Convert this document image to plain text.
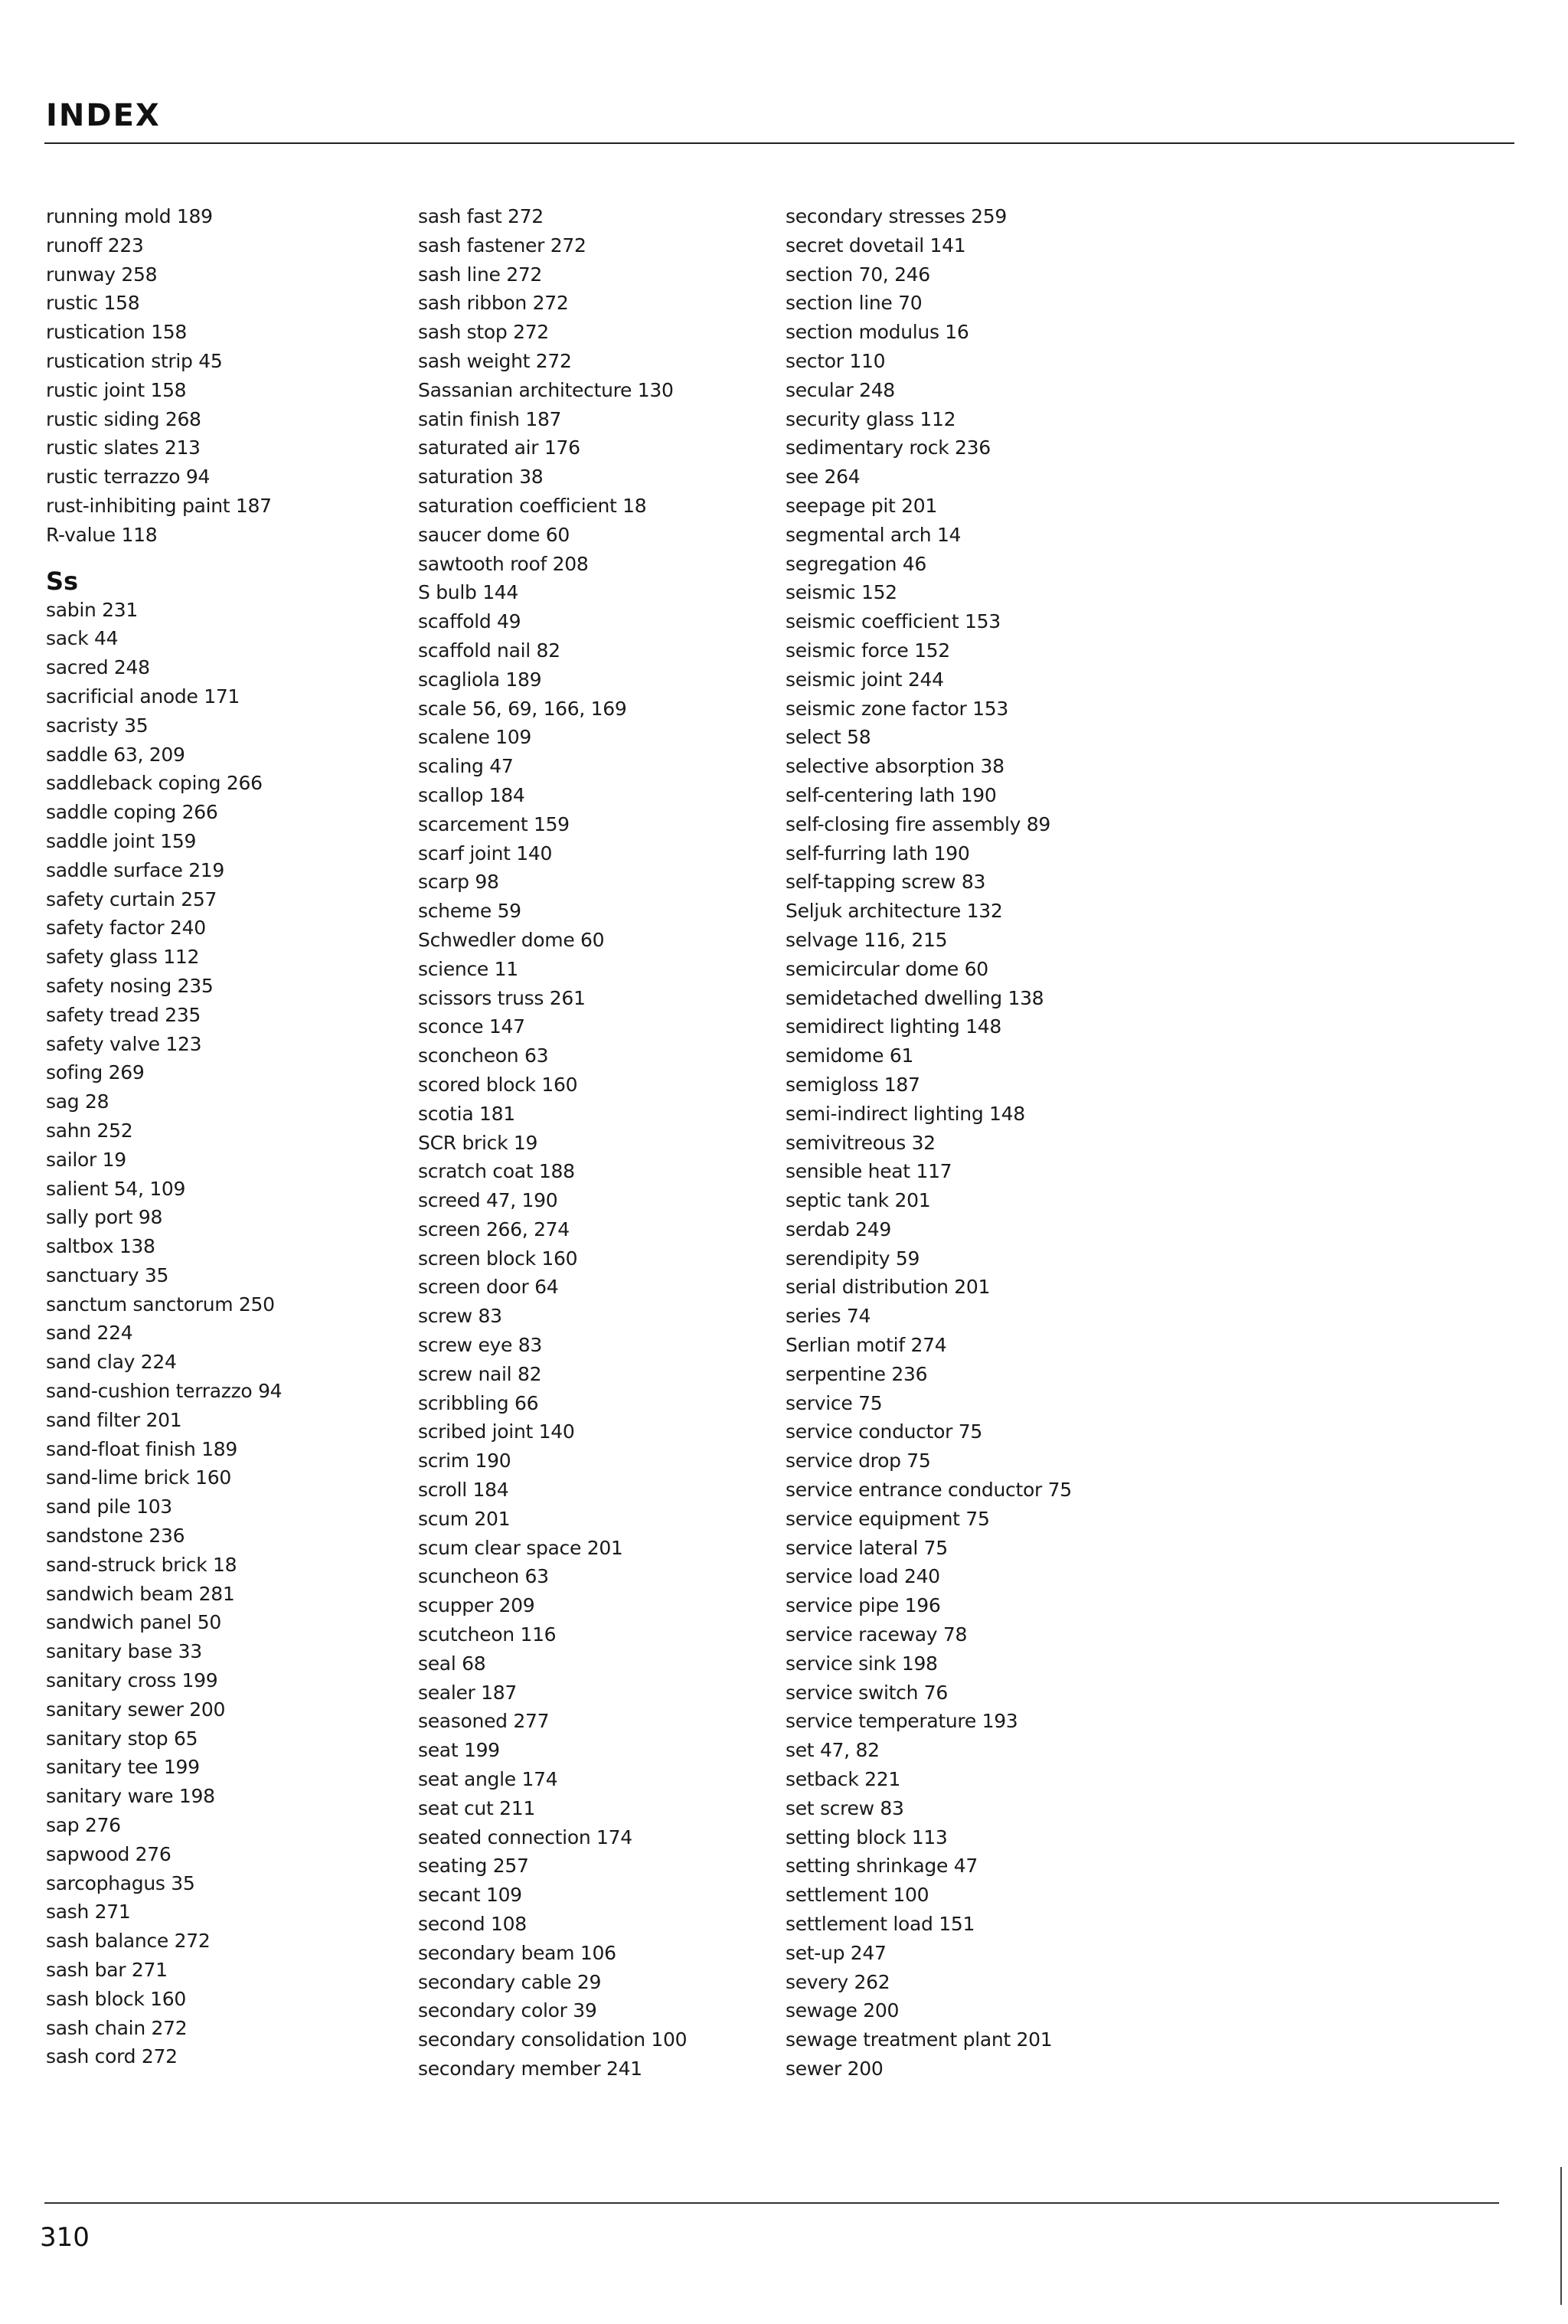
INDEX
running mold 189
runoff 223
runway 258
rustic 158
rustication 158
rustication strip 45
rustic joint 158
rustic siding 268
rustic slates 213
rustic terrazzo 94
rust-inhibiting paint 187
R-value 118
Ss
sabin 231
sack 44
sacred 248
sacrificial anode 171
sacristy 35
saddle 63, 209
saddleback coping 266
saddle coping 266
saddle joint 159
saddle surface 219
safety curtain 257
safety factor 240
safety glass 112
safety nosing 235
safety tread 235
safety valve 123
sofing 269
sag 28
sahn 252
sailor 19
salient 54, 109
sally port 98
saltbox 138
sanctuary 35
sanctum sanctorum 250
sand 224
sand clay 224
sand-cushion terrazzo 94
sand filter 201
sand-float finish 189
sand-lime brick 160
sand pile 103
sandstone 236
sand-struck brick 18
sandwich beam 281
sandwich panel 50
sanitary base 33
sanitary cross 199
sanitary sewer 200
sanitary stop 65
sanitary tee 199
sanitary ware 198
sap 276
sapwood 276
sarcophagus 35
sash 271
sash balance 272
sash bar 271
sash block 160
sash chain 272
sash cord 272
sash fast 272
sash fastener 272
sash line 272
sash ribbon 272
sash stop 272
sash weight 272
Sassanian architecture 130
satin finish 187
saturated air 176
saturation 38
saturation coefficient 18
saucer dome 60
sawtooth roof 208
S bulb 144
scaffold 49
scaffold nail 82
scagliola 189
scale 56, 69, 166, 169
scalene 109
scaling 47
scallop 184
scarcement 159
scarf joint 140
scarp 98
scheme 59
Schwedler dome 60
science 11
scissors truss 261
sconce 147
sconcheon 63
scored block 160
scotia 181
SCR brick 19
scratch coat 188
screed 47, 190
screen 266, 274
screen block 160
screen door 64
screw 83
screw eye 83
screw nail 82
scribbling 66
scribed joint 140
scrim 190
scroll 184
scum 201
scum clear space 201
scuncheon 63
scupper 209
scutcheon 116
seal 68
sealer 187
seasoned 277
seat 199
seat angle 174
seat cut 211
seated connection 174
seating 257
secant 109
second 108
secondary beam 106
secondary cable 29
secondary color 39
secondary consolidation 100
secondary member 241
secondary stresses 259
secret dovetail 141
section 70, 246
section line 70
section modulus 16
sector 110
secular 248
security glass 112
sedimentary rock 236
see 264
seepage pit 201
segmental arch 14
segregation 46
seismic 152
seismic coefficient 153
seismic force 152
seismic joint 244
seismic zone factor 153
select 58
selective absorption 38
self-centering lath 190
self-closing fire assembly 89
self-furring lath 190
self-tapping screw 83
Seljuk architecture 132
selvage 116, 215
semicircular dome 60
semidetached dwelling 138
semidirect lighting 148
semidome 61
semigloss 187
semi-indirect lighting 148
semivitreous 32
sensible heat 117
septic tank 201
serdab 249
serendipity 59
serial distribution 201
series 74
Serlian motif 274
serpentine 236
service 75
service conductor 75
service drop 75
service entrance conductor 75
service equipment 75
service lateral 75
service load 240
service pipe 196
service raceway 78
service sink 198
service switch 76
service temperature 193
set 47, 82
setback 221
set screw 83
setting block 113
setting shrinkage 47
settlement 100
settlement load 151
set-up 247
severy 262
sewage 200
sewage treatment plant 201
sewer 200
310
